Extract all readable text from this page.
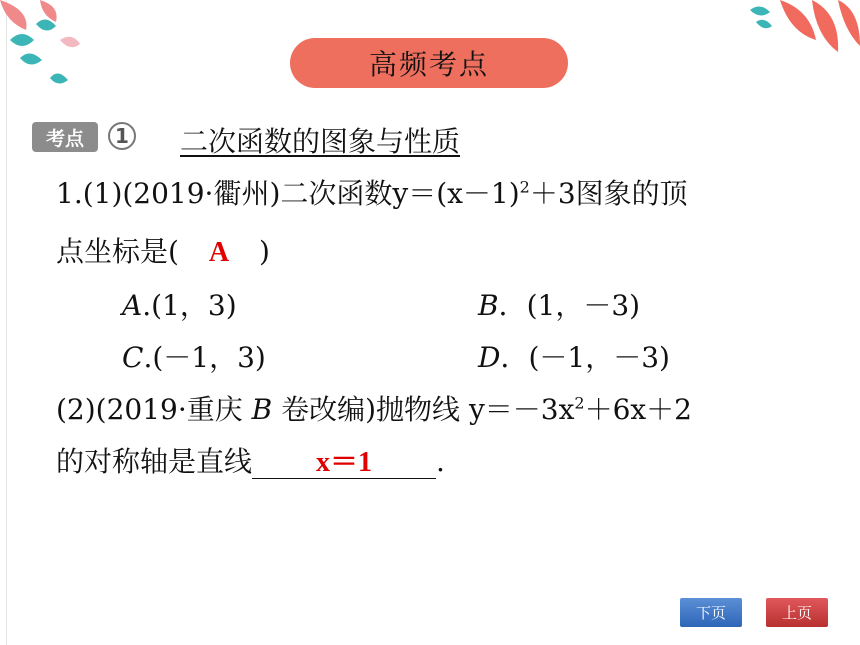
高频考点
考点	1 二次函数的图象与性质
1.(1)(2019·衢州)二次函数$y=(x-1)^2+3$图象的顶
点坐标是( A )
A.(1，3)	B．(1，－3)
C.(－1，3)	D．(－1，－3)
(2)(2019·重庆 B 卷改编)抛物线 $y=-3x^2+6x+2$
的对称轴是直线 x＝1 .
下页	上页
